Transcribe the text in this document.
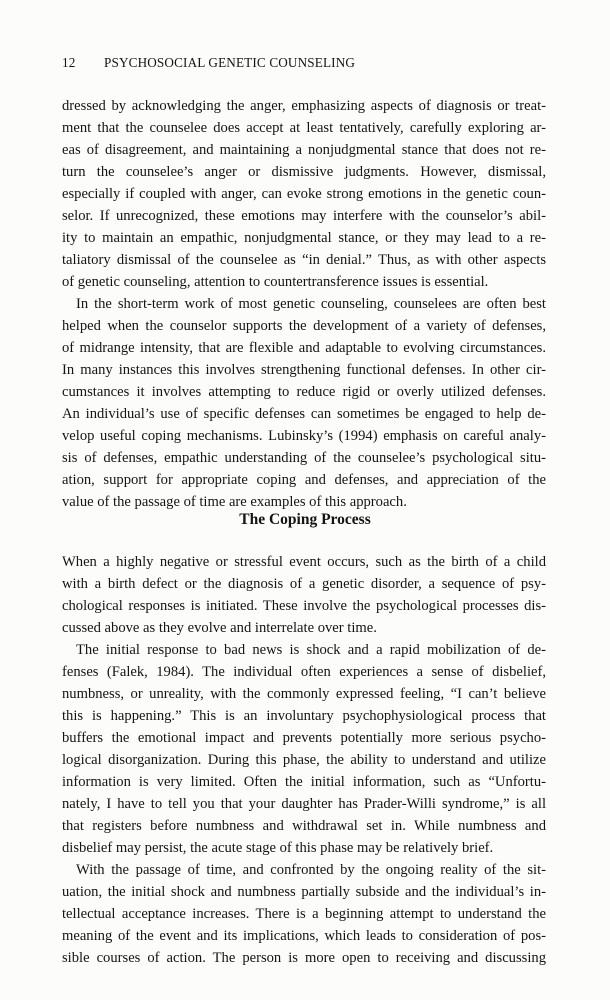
12 PSYCHOSOCIAL GENETIC COUNSELING
dressed by acknowledging the anger, emphasizing aspects of diagnosis or treat-
ment that the counselee does accept at least tentatively, carefully exploring ar-
eas of disagreement, and maintaining a nonjudgmental stance that does not re-
turn the counselee’s anger or dismissive judgments. However, dismissal,
especially if coupled with anger, can evoke strong emotions in the genetic coun-
selor. If unrecognized, these emotions may interfere with the counselor’s abil-
ity to maintain an empathic, nonjudgmental stance, or they may lead to a re-
taliatory dismissal of the counselee as “in denial.” Thus, as with other aspects
of genetic counseling, attention to countertransference issues is essential.
In the short-term work of most genetic counseling, counselees are often best
helped when the counselor supports the development of a variety of defenses,
of midrange intensity, that are flexible and adaptable to evolving circumstances.
In many instances this involves strengthening functional defenses. In other cir-
cumstances it involves attempting to reduce rigid or overly utilized defenses.
An individual’s use of specific defenses can sometimes be engaged to help de-
velop useful coping mechanisms. Lubinsky’s (1994) emphasis on careful analy-
sis of defenses, empathic understanding of the counselee’s psychological situ-
ation, support for appropriate coping and defenses, and appreciation of the
value of the passage of time are examples of this approach.
The Coping Process
When a highly negative or stressful event occurs, such as the birth of a child
with a birth defect or the diagnosis of a genetic disorder, a sequence of psy-
chological responses is initiated. These involve the psychological processes dis-
cussed above as they evolve and interrelate over time.
The initial response to bad news is shock and a rapid mobilization of de-
fenses (Falek, 1984). The individual often experiences a sense of disbelief,
numbness, or unreality, with the commonly expressed feeling, “I can’t believe
this is happening.” This is an involuntary psychophysiological process that
buffers the emotional impact and prevents potentially more serious psycho-
logical disorganization. During this phase, the ability to understand and utilize
information is very limited. Often the initial information, such as “Unfortu-
nately, I have to tell you that your daughter has Prader-Willi syndrome,” is all
that registers before numbness and withdrawal set in. While numbness and
disbelief may persist, the acute stage of this phase may be relatively brief.
With the passage of time, and confronted by the ongoing reality of the sit-
uation, the initial shock and numbness partially subside and the individual’s in-
tellectual acceptance increases. There is a beginning attempt to understand the
meaning of the event and its implications, which leads to consideration of pos-
sible courses of action. The person is more open to receiving and discussing
